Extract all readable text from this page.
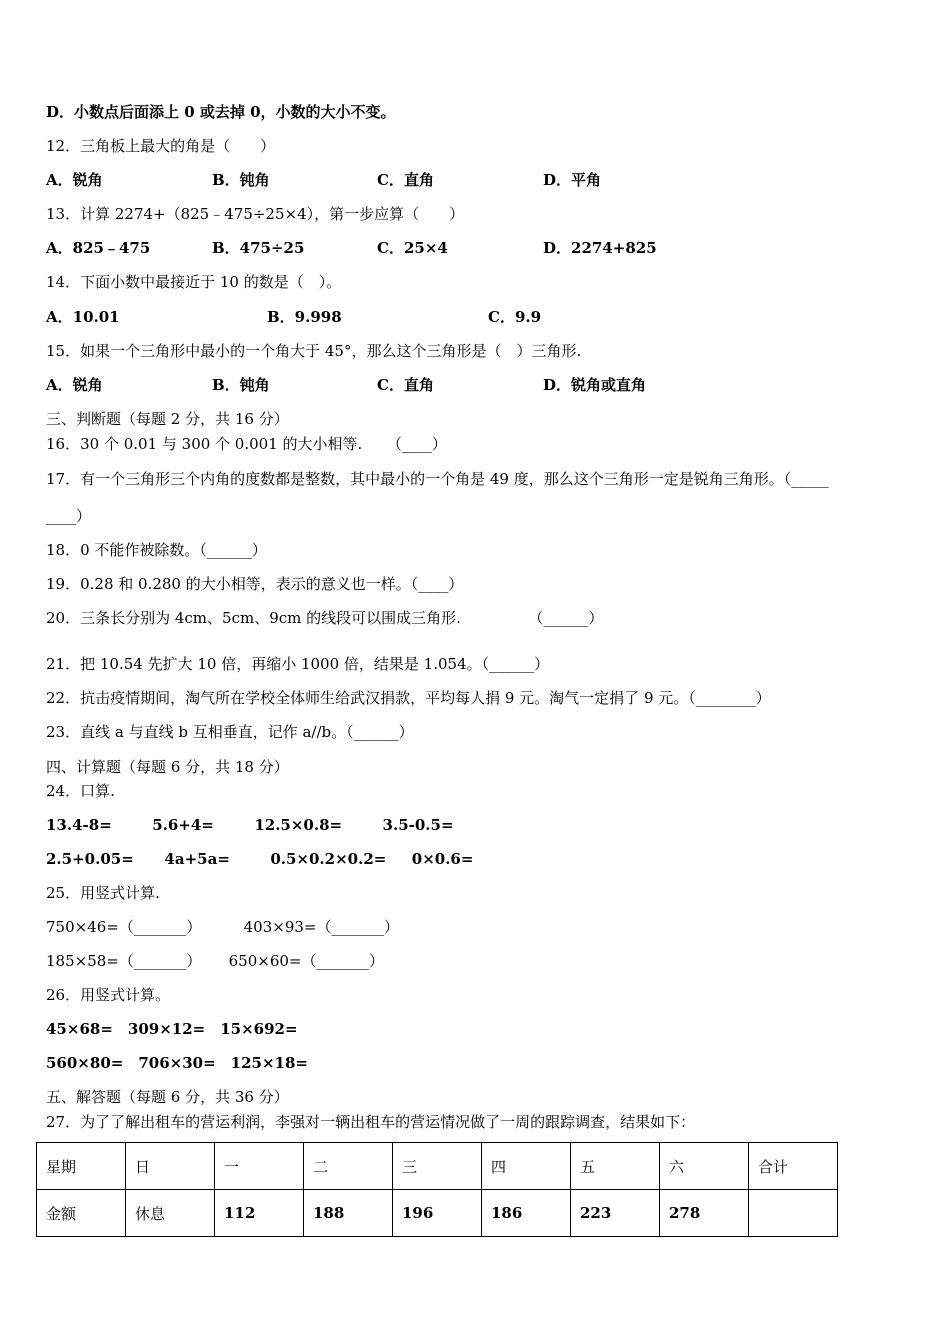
D．小数点后面添上 0 或去掉 0，小数的大小不变。
12．三角板上最大的角是（　　）
A．锐角	B．钝角	C．直角	D．平角
13．计算 2274+（825﹣475÷25×4），第一步应算（　　）
A．825﹣475	B．475÷25	C．25×4	D．2274+825
14．下面小数中最接近于 10 的数是（　）。
A．10.01	B．9.998	C．9.9
15．如果一个三角形中最小的一个角大于 45°，那么这个三角形是（　）三角形.
A．锐角	B．钝角	C．直角	D．锐角或直角
三、判断题（每题 2 分，共 16 分）
16．30 个 0.01 与 300 个 0.001 的大小相等.　  （____）
17．有一个三角形三个内角的度数都是整数，其中最小的一个角是 49 度，那么这个三角形一定是锐角三角形。（_____
____）
18．0 不能作被除数。（______）
19．0.28 和 0.280 的大小相等，表示的意义也一样。（____）
20．三条长分别为 4cm、5cm、9cm 的线段可以围成三角形.　　　　　（______）
21．把 10.54 先扩大 10 倍，再缩小 1000 倍，结果是 1.054。（______）
22．抗击疫情期间，淘气所在学校全体师生给武汉捐款，平均每人捐 9 元。淘气一定捐了 9 元。（________）
23．直线 a 与直线 b 互相垂直，记作 a//b。（______）
四、计算题（每题 6 分，共 18 分）
24．口算.
13.4-8=　　  5.6+4=　　  12.5×0.8=　　  3.5-0.5=
2.5+0.05=　   4a+5a=　　  0.5×0.2×0.2=　  0×0.6=
25．用竖式计算.
750×46=（_______）　　　 403×93=（_______）
185×58=（_______）　　 650×60=（_______）
26．用竖式计算。
45×68=　309×12=　15×692=
560×80=　706×30=　125×18=
五、解答题（每题 6 分，共 36 分）
27．为了了解出租车的营运利润，李强对一辆出租车的营运情况做了一周的跟踪调查，结果如下：
星期	日	一	二	三	四	五	六	合计
金额	休息	112	188	196	186	223	278	
